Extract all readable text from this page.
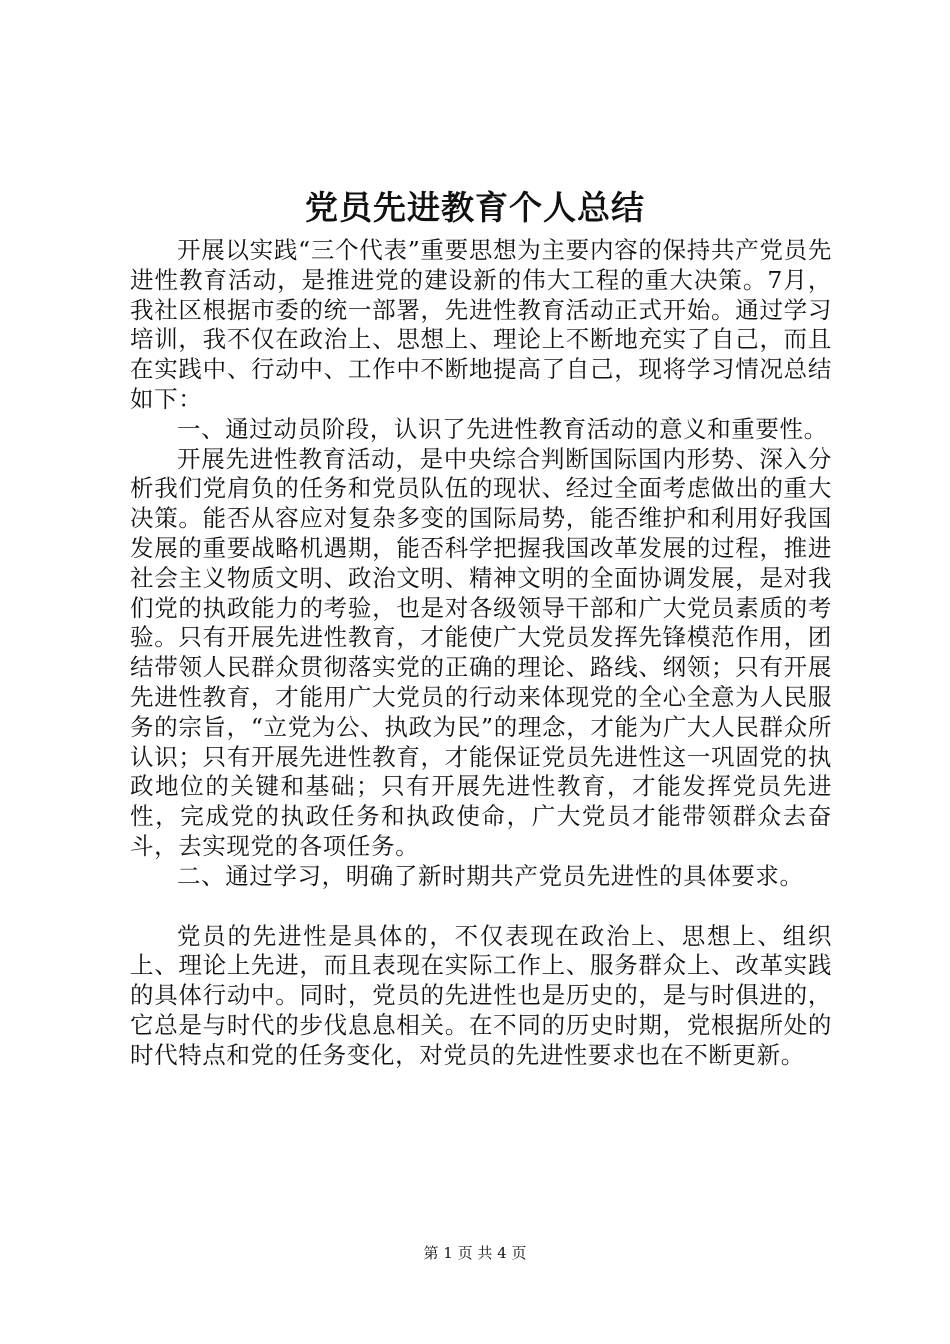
党员先进教育个人总结

开展以实践“三个代表”重要思想为主要内容的保持共产党员先进性教育活动，是推进党的建设新的伟大工程的重大决策。7月，我社区根据市委的统一部署，先进性教育活动正式开始。通过学习培训，我不仅在政治上、思想上、理论上不断地充实了自己，而且在实践中、行动中、工作中不断地提高了自己，现将学习情况总结如下：

一、通过动员阶段，认识了先进性教育活动的意义和重要性。

开展先进性教育活动，是中央综合判断国际国内形势、深入分析我们党肩负的任务和党员队伍的现状、经过全面考虑做出的重大决策。能否从容应对复杂多变的国际局势，能否维护和利用好我国发展的重要战略机遇期，能否科学把握我国改革发展的过程，推进社会主义物质文明、政治文明、精神文明的全面协调发展，是对我们党的执政能力的考验，也是对各级领导干部和广大党员素质的考验。只有开展先进性教育，才能使广大党员发挥先锋模范作用，团结带领人民群众贯彻落实党的正确的理论、路线、纲领；只有开展先进性教育，才能用广大党员的行动来体现党的全心全意为人民服务的宗旨，“立党为公、执政为民”的理念，才能为广大人民群众所认识；只有开展先进性教育，才能保证党员先进性这一巩固党的执政地位的关键和基础；只有开展先进性教育，才能发挥党员先进性，完成党的执政任务和执政使命，广大党员才能带领群众去奋斗，去实现党的各项任务。

二、通过学习，明确了新时期共产党员先进性的具体要求。

党员的先进性是具体的，不仅表现在政治上、思想上、组织上、理论上先进，而且表现在实际工作上、服务群众上、改革实践的具体行动中。同时，党员的先进性也是历史的，是与时俱进的，它总是与时代的步伐息息相关。在不同的历史时期，党根据所处的时代特点和党的任务变化，对党员的先进性要求也在不断更新。

第 1 页 共 4 页
